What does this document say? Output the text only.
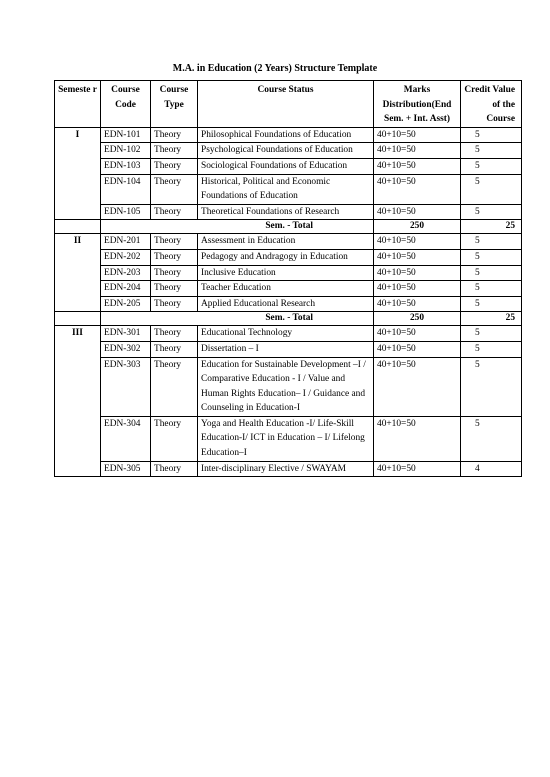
M.A. in Education (2 Years) Structure Template
Semeste r	Course Code	Course Type	Course Status	Marks Distribution(End Sem. + Int. Asst)	Credit Value of the Course
I	EDN-101	Theory	Philosophical Foundations of Education	40+10=50	5
	EDN-102	Theory	Psychological Foundations of Education	40+10=50	5
	EDN-103	Theory	Sociological Foundations of Education	40+10=50	5
	EDN-104	Theory	Historical, Political and Economic Foundations of Education	40+10=50	5
	EDN-105	Theory	Theoretical Foundations of Research	40+10=50	5
	Sem. - Total			250	25
II	EDN-201	Theory	Assessment in Education	40+10=50	5
	EDN-202	Theory	Pedagogy and Andragogy in Education	40+10=50	5
	EDN-203	Theory	Inclusive Education	40+10=50	5
	EDN-204	Theory	Teacher Education	40+10=50	5
	EDN-205	Theory	Applied Educational Research	40+10=50	5
	Sem. - Total			250	25
III	EDN-301	Theory	Educational Technology	40+10=50	5
	EDN-302	Theory	Dissertation – I	40+10=50	5
	EDN-303	Theory	Education for Sustainable Development –I / Comparative Education - I / Value and Human Rights Education– I / Guidance and Counseling in Education-I	40+10=50	5
	EDN-304	Theory	Yoga and Health Education -I/ Life-Skill Education-I/ ICT in Education – I/ Lifelong Education–I	40+10=50	5
	EDN-305	Theory	Inter-disciplinary Elective / SWAYAM	40+10=50	4
